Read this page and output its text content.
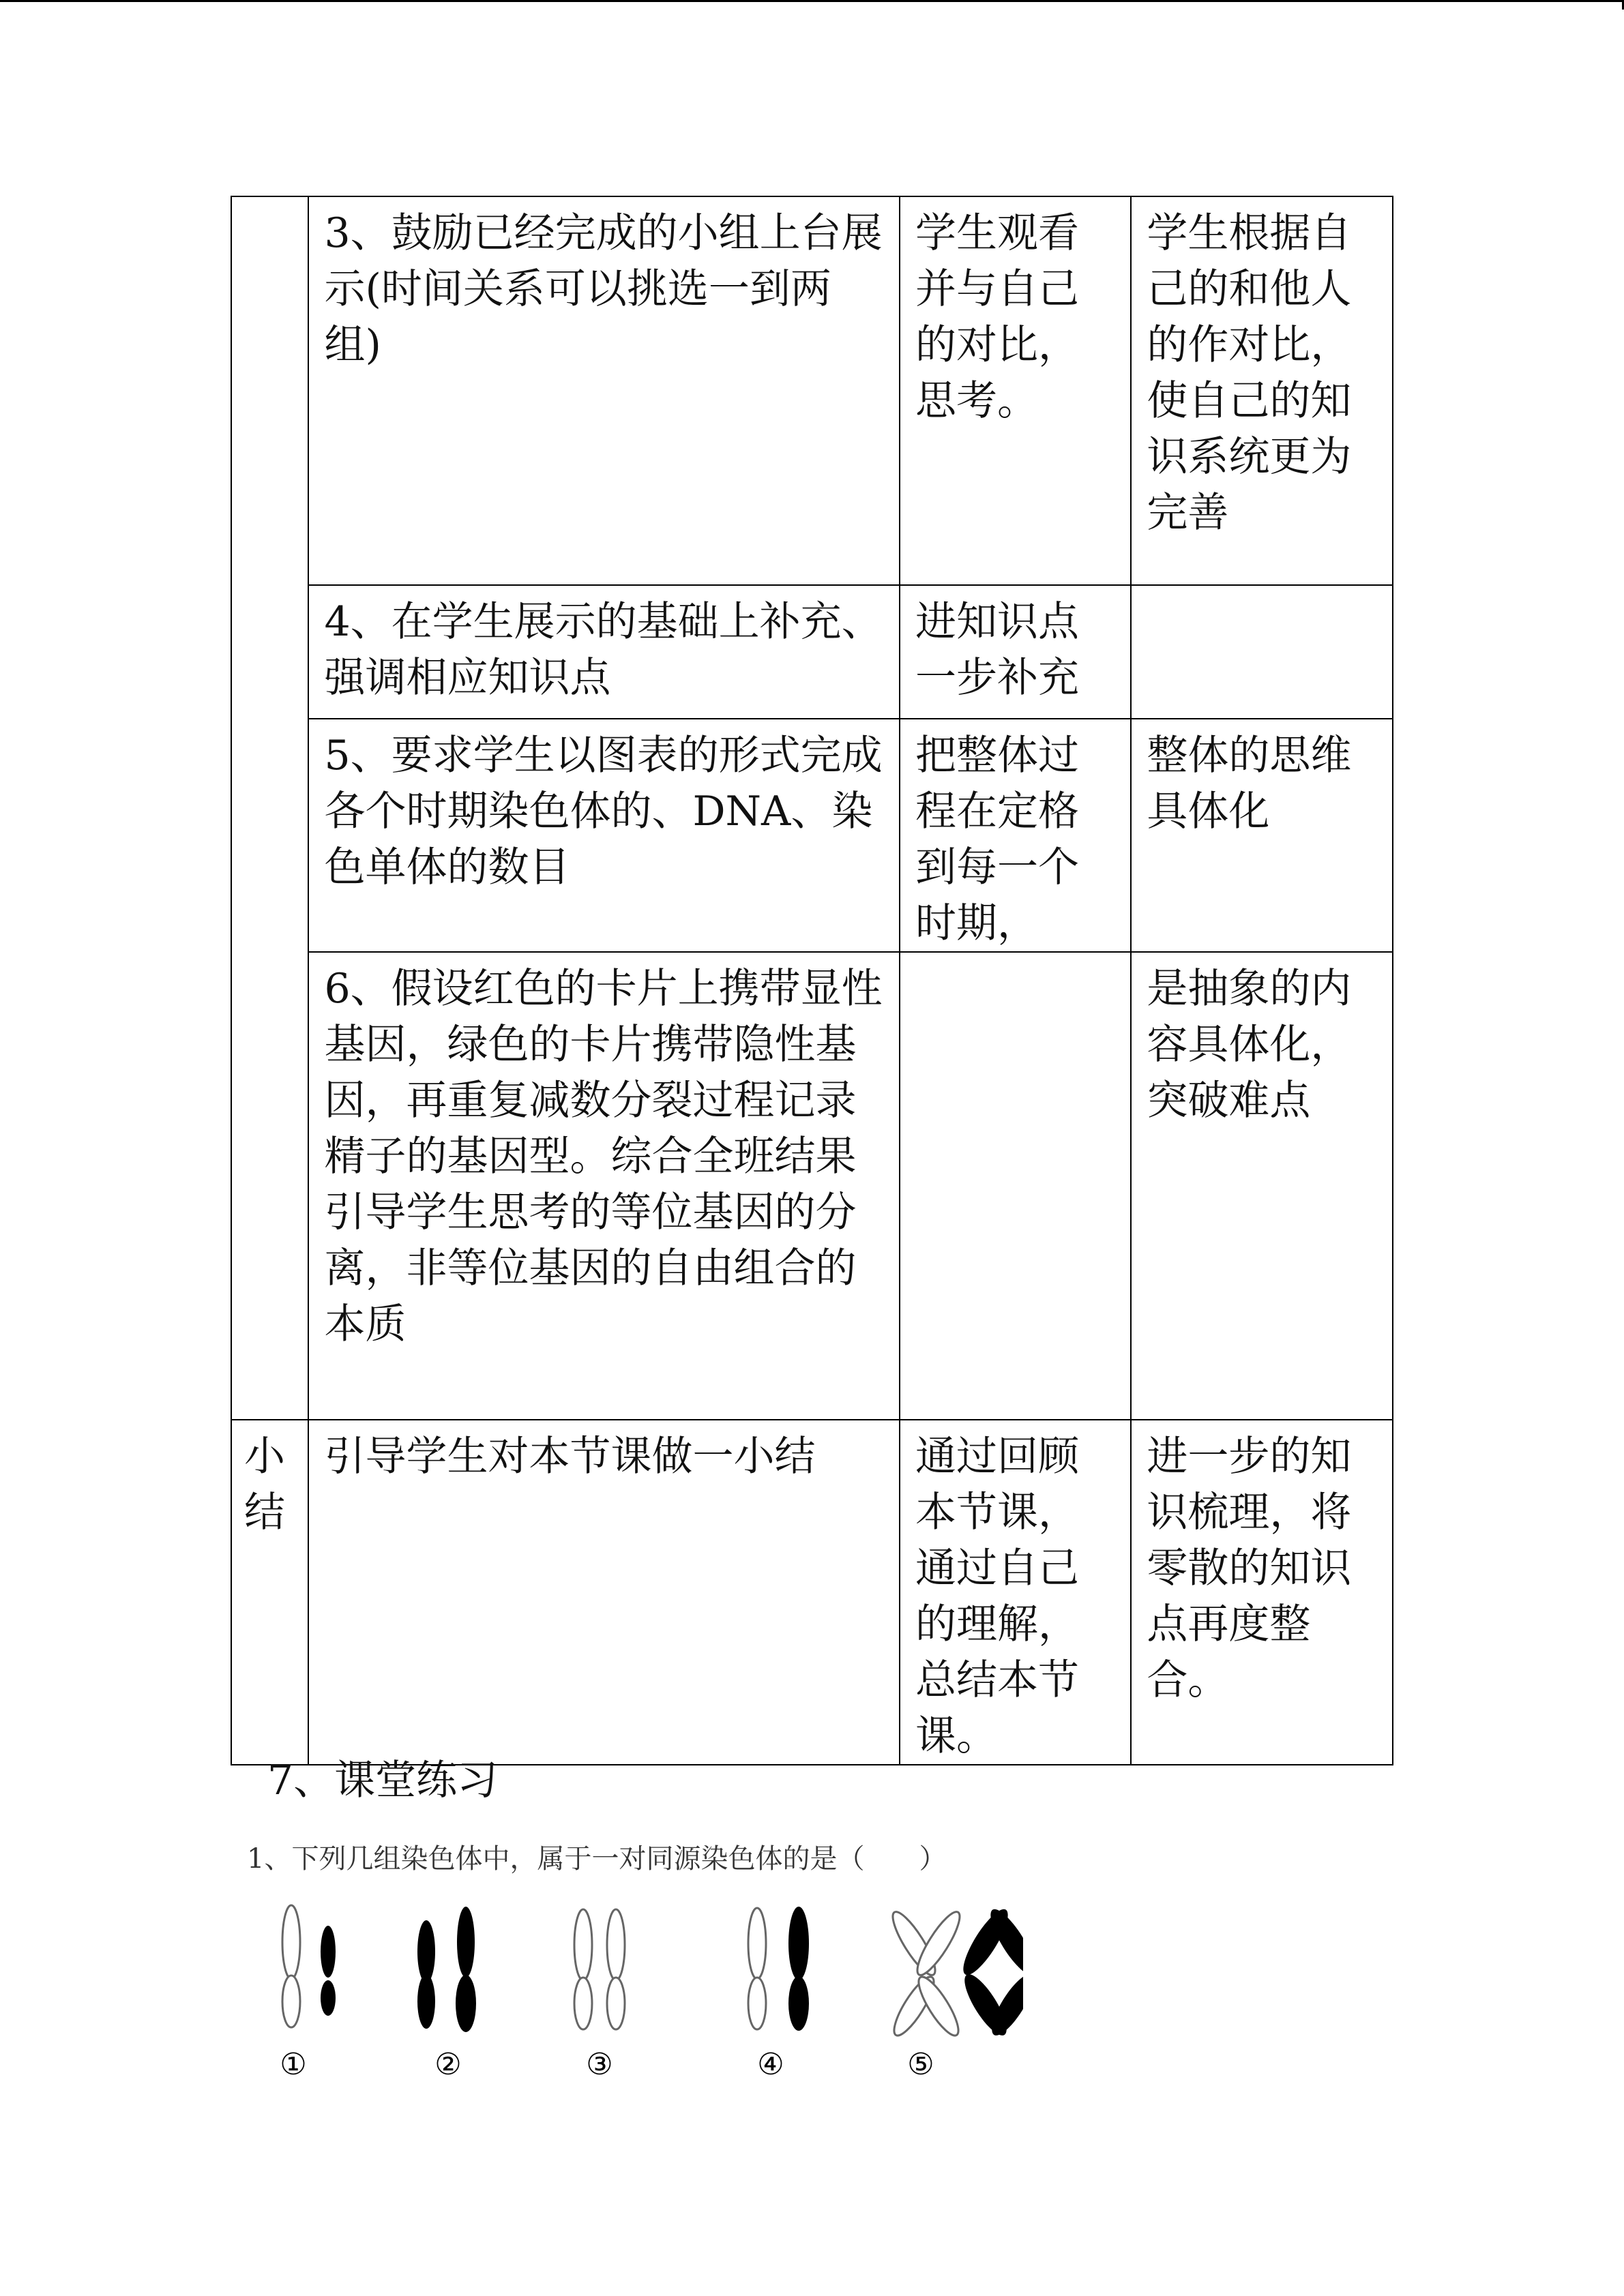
	3、鼓励已经完成的小组上台展示(时间关系可以挑选一到两组)	学生观看并与自己的对比，思考。	学生根据自己的和他人的作对比，使自己的知识系统更为完善
	4、在学生展示的基础上补充、强调相应知识点	进知识点一步补充	
	5、要求学生以图表的形式完成各个时期染色体的、DNA、染色单体的数目	把整体过程在定格到每一个时期，	整体的思维具体化
	6、假设红色的卡片上携带显性基因，绿色的卡片携带隐性基因，再重复减数分裂过程记录精子的基因型。综合全班结果引导学生思考的等位基因的分离，非等位基因的自由组合的本质		是抽象的内容具体化，突破难点
小结	引导学生对本节课做一小结	通过回顾本节课，通过自己的理解，总结本节课。	进一步的知识梳理，将零散的知识点再度整合。
7、课堂练习
1、下列几组染色体中，属于一对同源染色体的是（　　）
①	②	③	④	⑤
